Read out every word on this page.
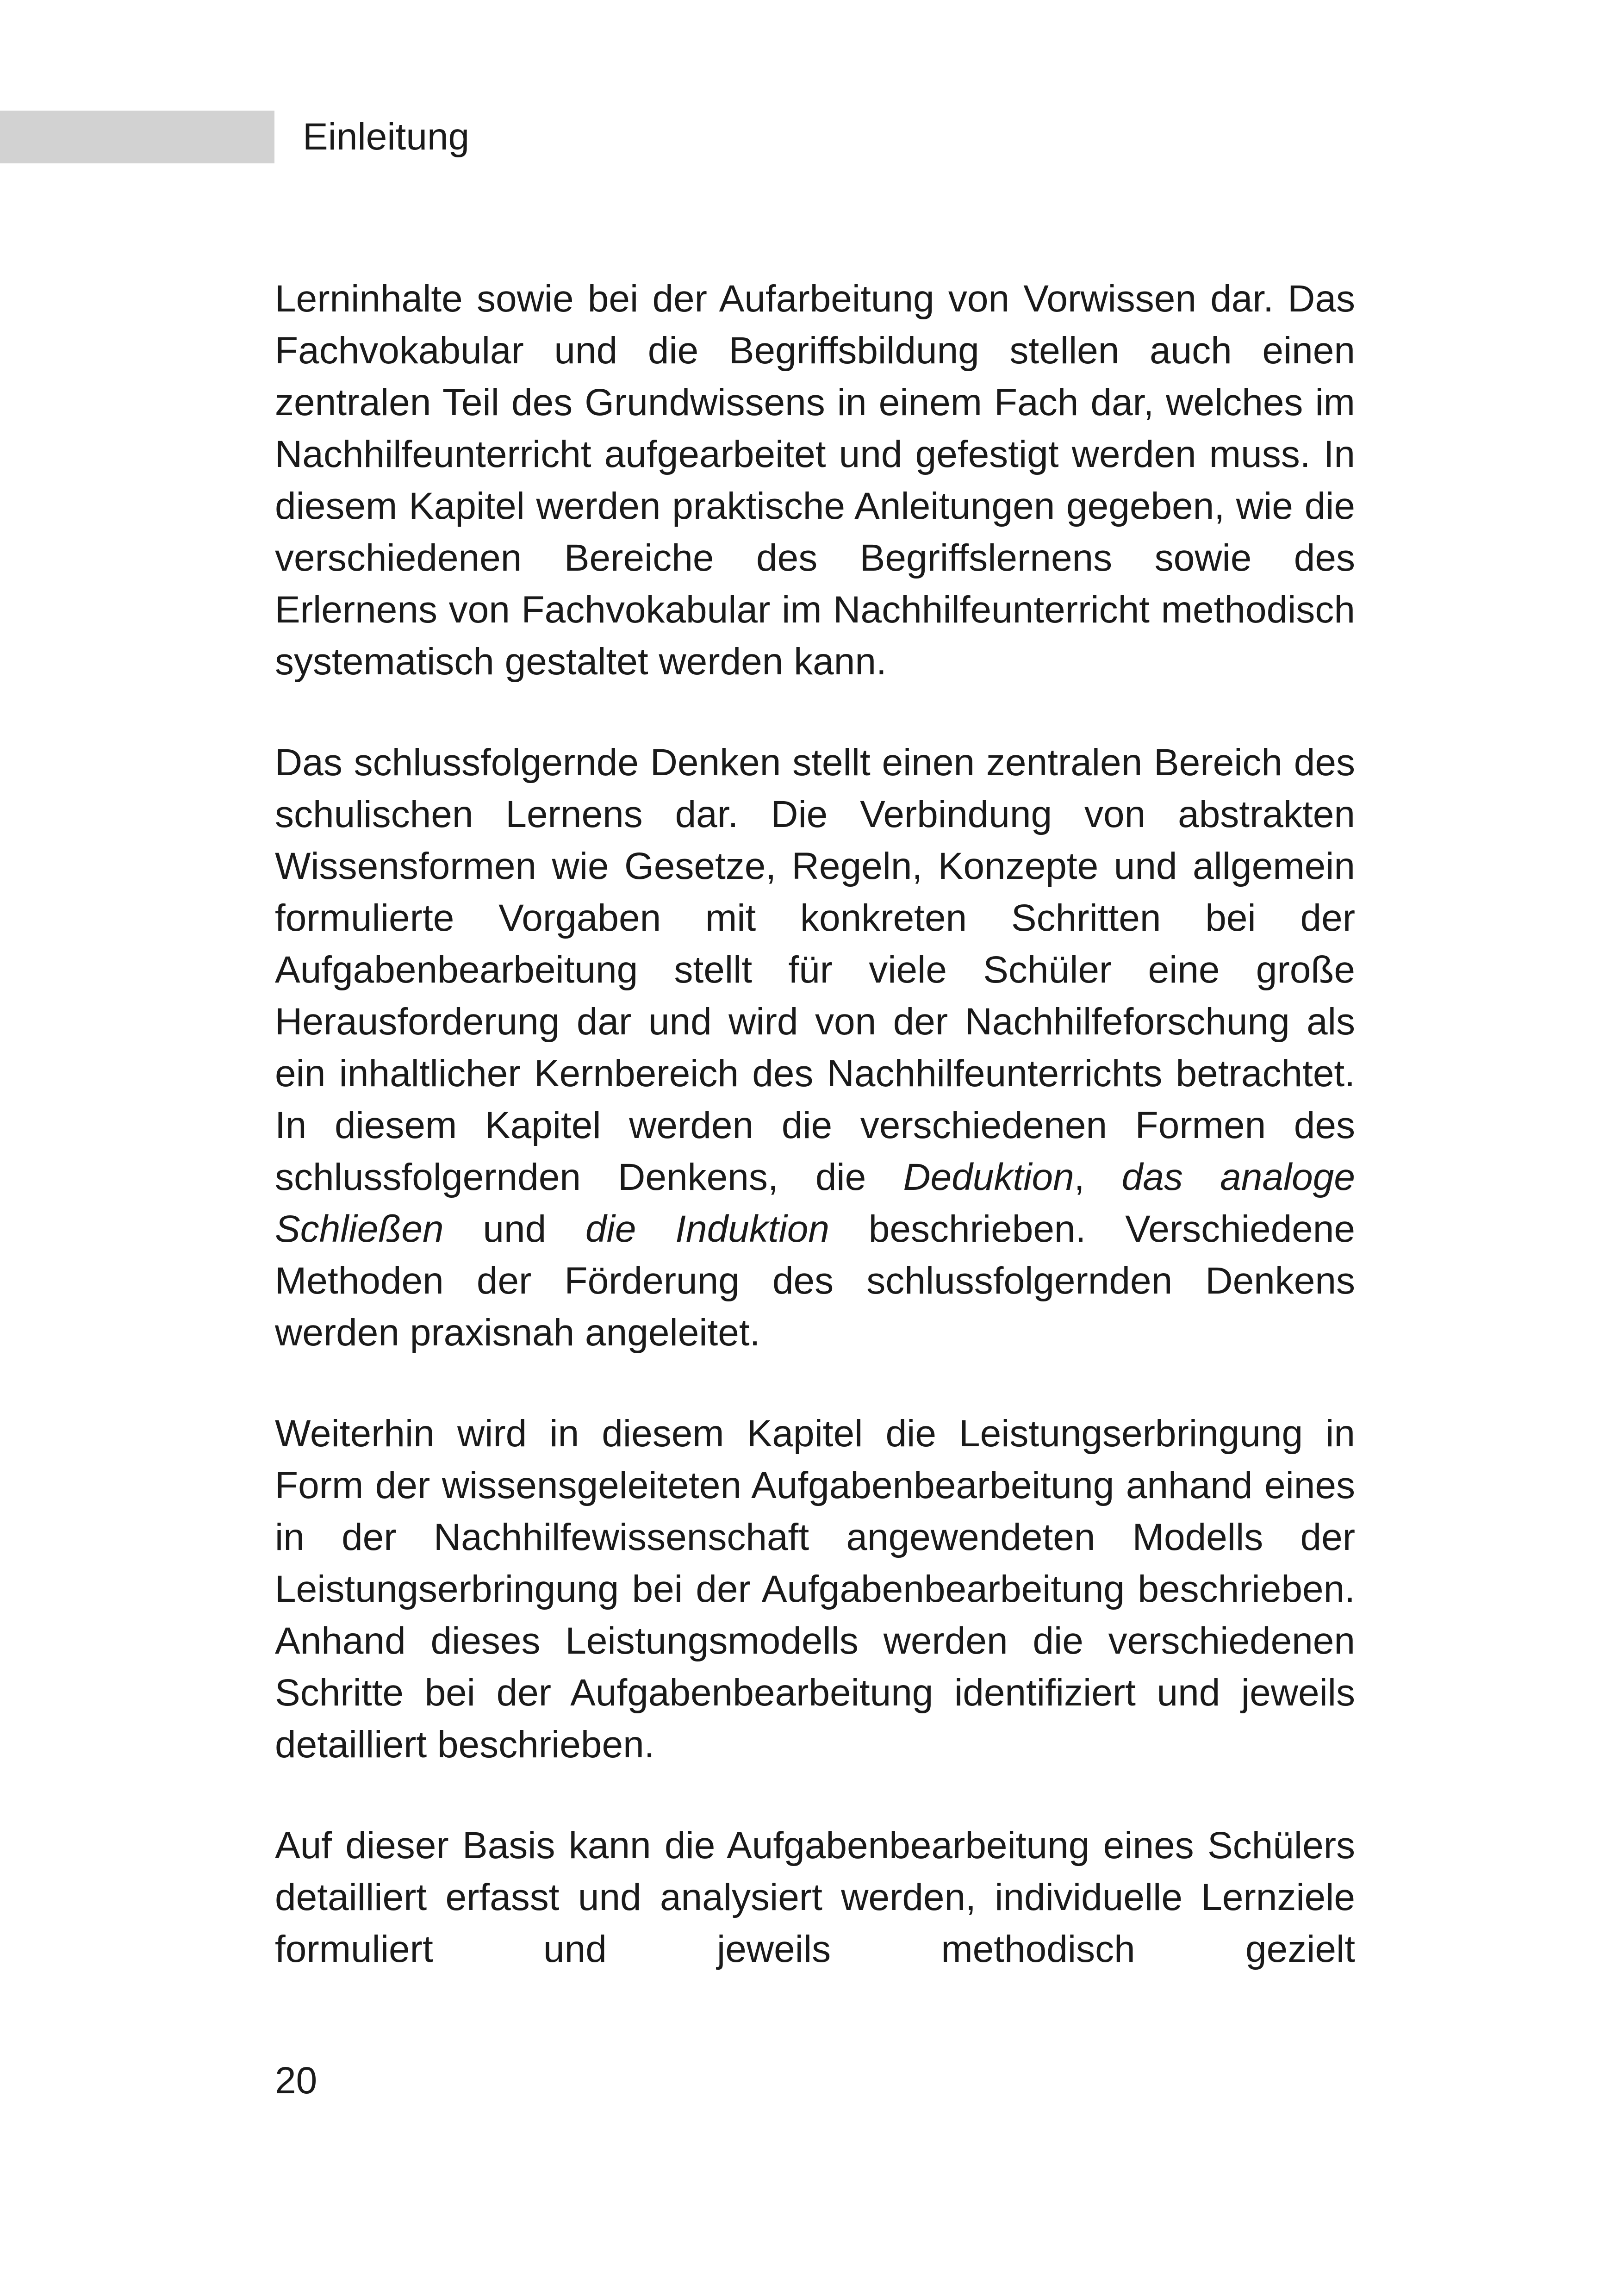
Einleitung

Lerninhalte sowie bei der Aufarbeitung von Vorwissen dar. Das Fachvokabular und die Begriffsbildung stellen auch einen zentralen Teil des Grundwissens in einem Fach dar, welches im Nachhilfeunterricht aufgearbeitet und gefestigt werden muss. In diesem Kapitel werden praktische Anleitungen gegeben, wie die verschiedenen Bereiche des Begriffslernens sowie des Erlernens von Fachvokabular im Nachhilfeunterricht methodisch systematisch gestaltet werden kann.

Das schlussfolgernde Denken stellt einen zentralen Bereich des schulischen Lernens dar. Die Verbindung von abstrakten Wissensformen wie Gesetze, Regeln, Konzepte und allgemein formulierte Vorgaben mit konkreten Schritten bei der Aufgabenbearbeitung stellt für viele Schüler eine große Herausforderung dar und wird von der Nachhilfeforschung als ein inhaltlicher Kernbereich des Nachhilfeunterrichts betrachtet. In diesem Kapitel werden die verschiedenen Formen des schlussfolgernden Denkens, die Deduktion, das analoge Schließen und die Induktion beschrieben. Verschiedene Methoden der Förderung des schlussfolgernden Denkens werden praxisnah angeleitet.

Weiterhin wird in diesem Kapitel die Leistungserbringung in Form der wissensgeleiteten Aufgabenbearbeitung anhand eines in der Nachhilfewissenschaft angewendeten Modells der Leistungserbringung bei der Aufgabenbearbeitung beschrieben. Anhand dieses Leistungsmodells werden die verschiedenen Schritte bei der Aufgabenbearbeitung identifiziert und jeweils detailliert beschrieben.

Auf dieser Basis kann die Aufgabenbearbeitung eines Schülers detailliert erfasst und analysiert werden, individuelle Lernziele formuliert und jeweils methodisch gezielt

20
